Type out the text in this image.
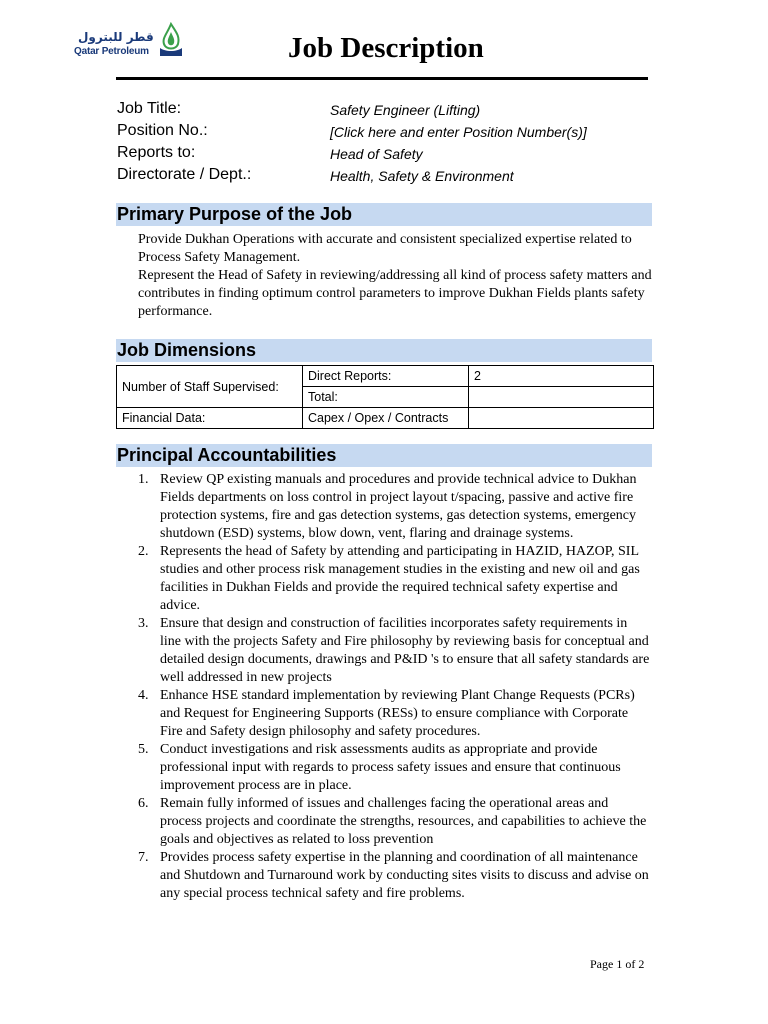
قطر للبترول
Qatar Petroleum	Job Description
Job Title:	Safety Engineer (Lifting)
Position No.:	[Click here and enter Position Number(s)]
Reports to:	Head of Safety
Directorate / Dept.:	Health, Safety & Environment
Primary Purpose of the Job

Provide Dukhan Operations with accurate and consistent specialized expertise related to Process Safety Management.

Represent the Head of Safety in reviewing/addressing all kind of process safety matters and contributes in finding optimum control parameters to improve Dukhan Fields plants safety performance.

Job Dimensions
Number of Staff Supervised:	Direct Reports:	2
	Total:	
Financial Data:	Capex / Opex / Contracts	
Principal Accountabilities
1. Review QP existing manuals and procedures and provide technical advice to Dukhan Fields departments on loss control in project layout t/spacing, passive and active fire protection systems, fire and gas detection systems, gas detection systems, emergency shutdown (ESD) systems, blow down, vent, flaring and drainage systems.
2. Represents the head of Safety by attending and participating in HAZID, HAZOP, SIL studies and other process risk management studies in the existing and new oil and gas facilities in Dukhan Fields and provide the required technical safety expertise and advice.
3. Ensure that design and construction of facilities incorporates safety requirements in line with the projects Safety and Fire philosophy by reviewing basis for conceptual and detailed design documents, drawings and P&ID 's to ensure that all safety standards are well addressed in new projects
4. Enhance HSE standard implementation by reviewing Plant Change Requests (PCRs) and Request for Engineering Supports (RESs) to ensure compliance with Corporate Fire and Safety design philosophy and safety procedures.
5. Conduct investigations and risk assessments audits as appropriate and provide professional input with regards to process safety issues and ensure that continuous improvement process are in place.
6. Remain fully informed of issues and challenges facing the operational areas and process projects and coordinate the strengths, resources, and capabilities to achieve the goals and objectives as related to loss prevention
7. Provides process safety expertise in the planning and coordination of all maintenance and Shutdown and Turnaround work by conducting sites visits to discuss and advise on any special process technical safety and fire problems.
Page 1 of 2
